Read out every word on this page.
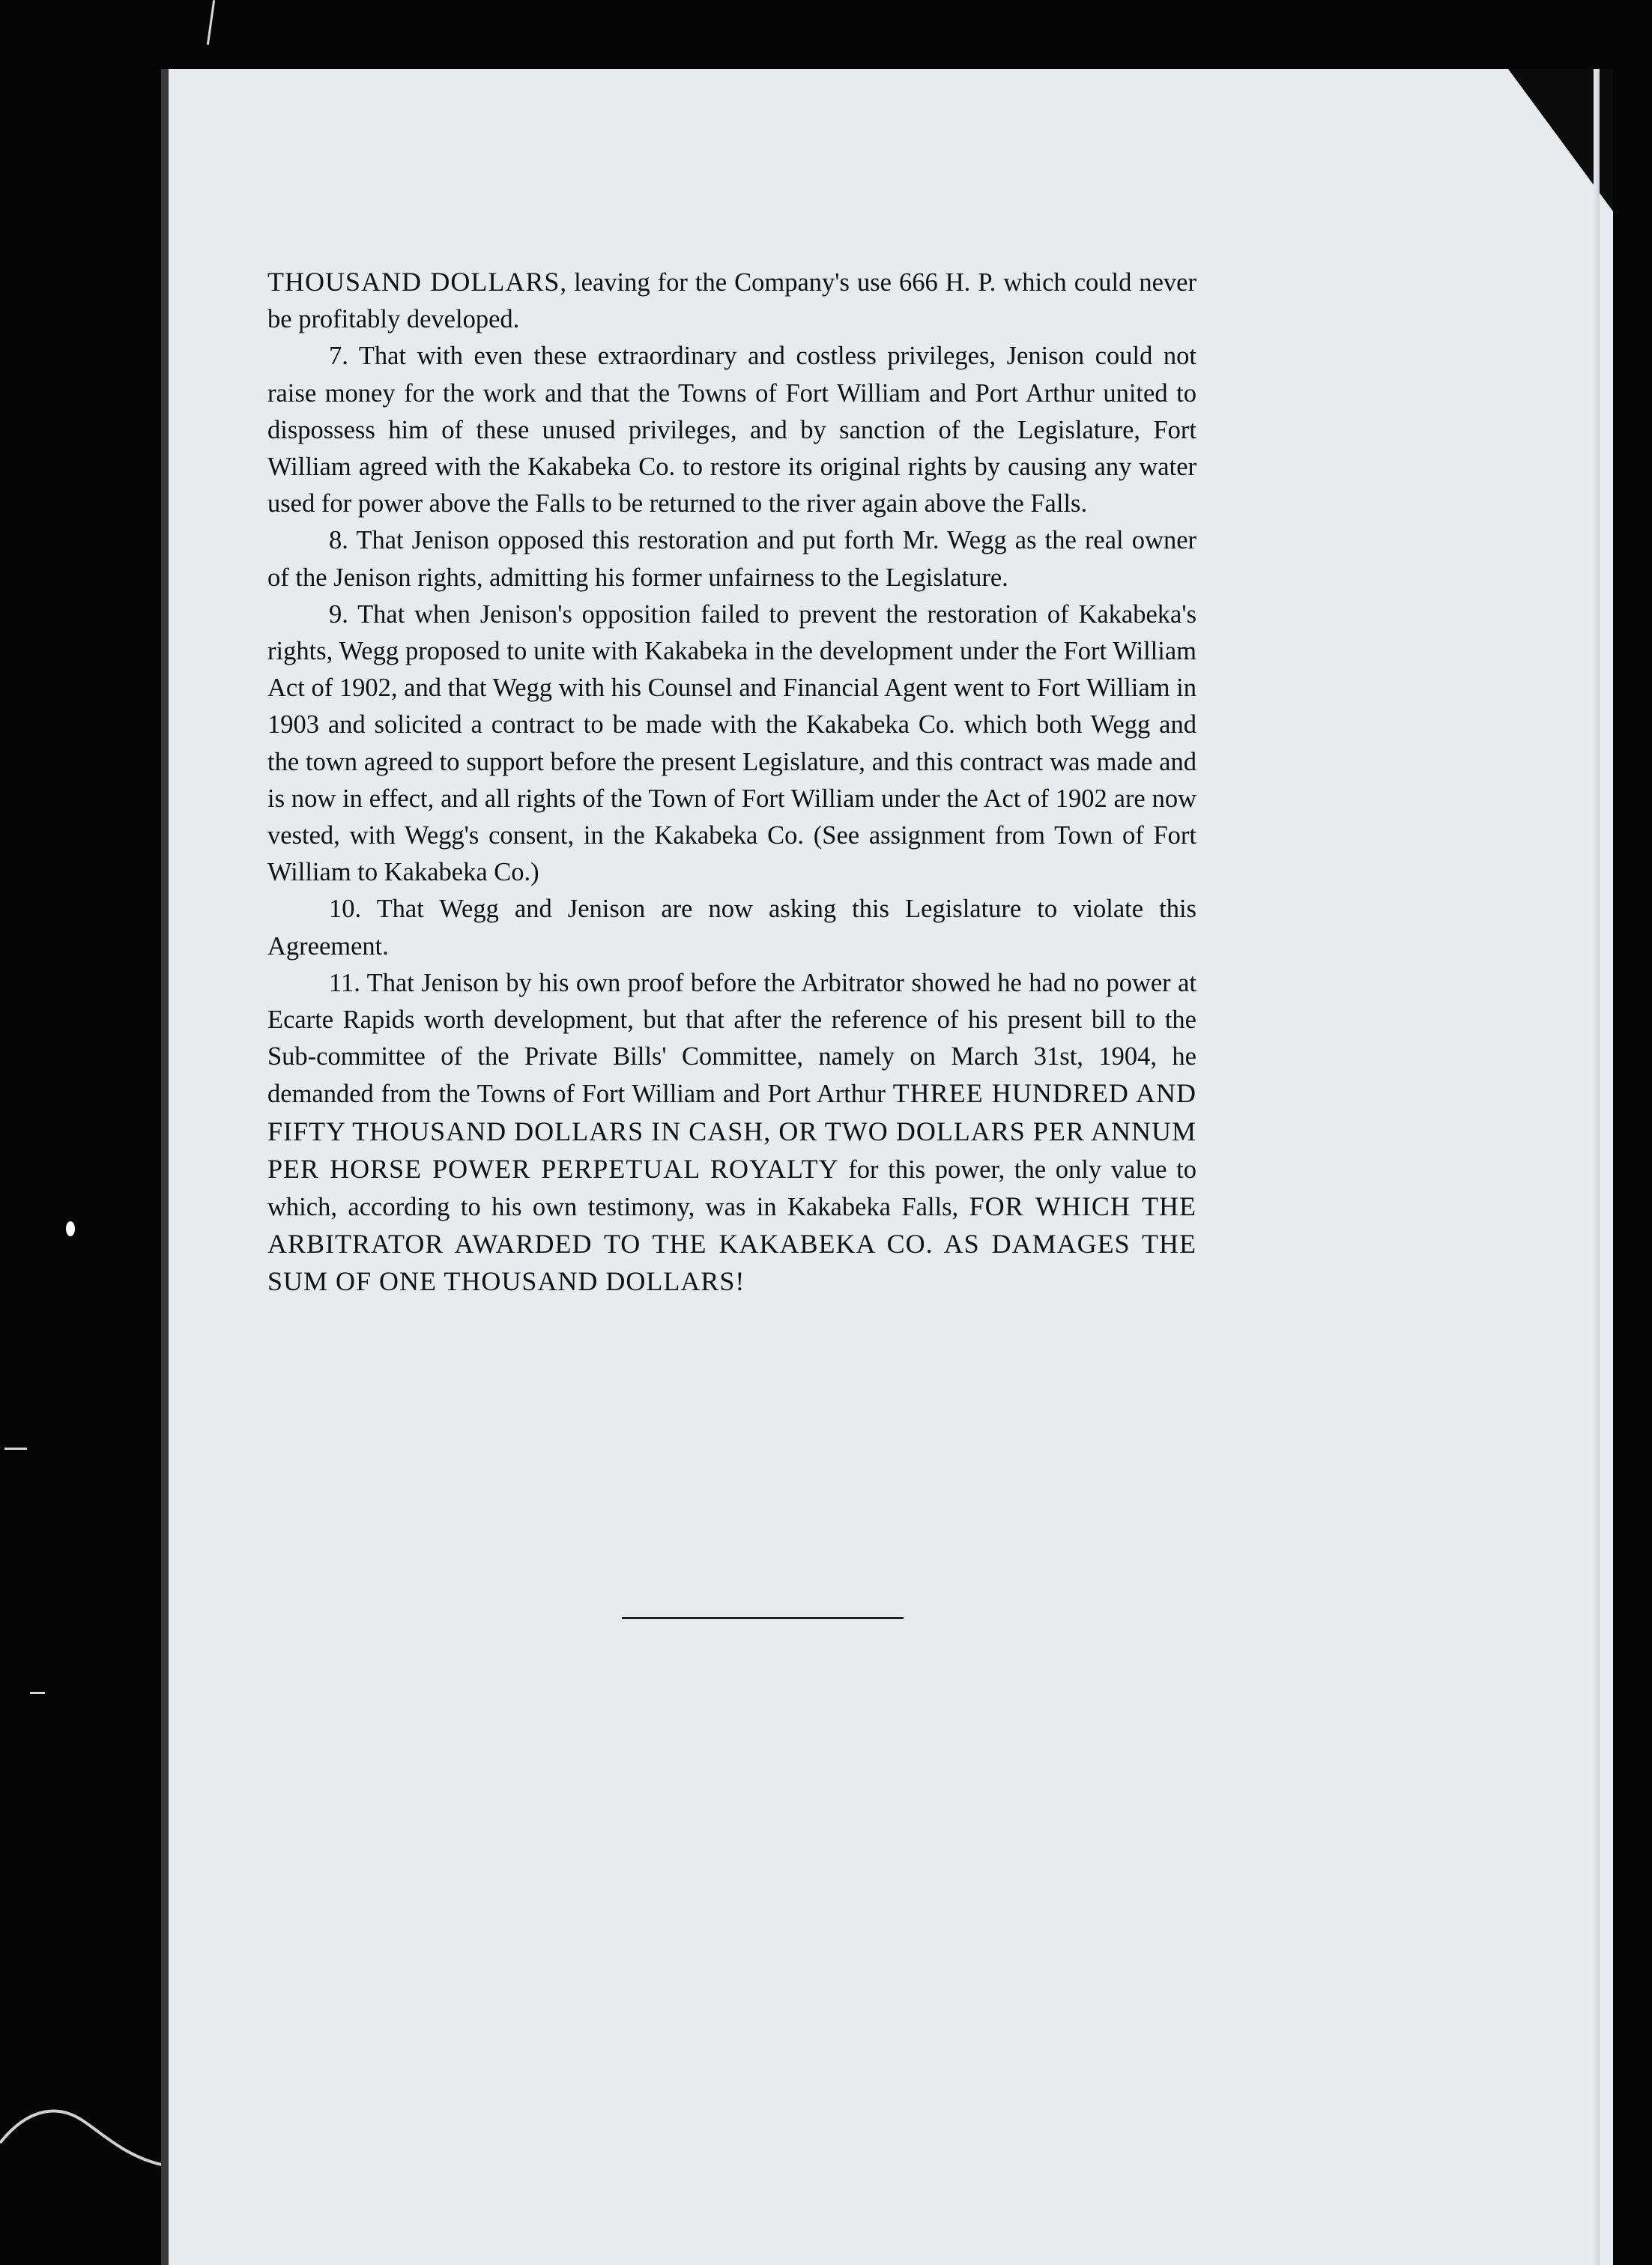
THOUSAND DOLLARS, leaving for the Company's use 666 H. P. which could never be profitably developed.

7. That with even these extraordinary and costless privileges, Jenison could not raise money for the work and that the Towns of Fort William and Port Arthur united to dispossess him of these unused privileges, and by sanction of the Legislature, Fort William agreed with the Kakabeka Co. to restore its original rights by causing any water used for power above the Falls to be returned to the river again above the Falls.

8. That Jenison opposed this restoration and put forth Mr. Wegg as the real owner of the Jenison rights, admitting his former unfairness to the Legislature.

9. That when Jenison's opposition failed to prevent the restoration of Kakabeka's rights, Wegg proposed to unite with Kakabeka in the development under the Fort William Act of 1902, and that Wegg with his Counsel and Financial Agent went to Fort William in 1903 and solicited a contract to be made with the Kakabeka Co. which both Wegg and the town agreed to support before the present Legislature, and this contract was made and is now in effect, and all rights of the Town of Fort William under the Act of 1902 are now vested, with Wegg's consent, in the Kakabeka Co. (See assignment from Town of Fort William to Kakabeka Co.)

10. That Wegg and Jenison are now asking this Legislature to violate this Agreement.

11. That Jenison by his own proof before the Arbitrator showed he had no power at Ecarte Rapids worth development, but that after the reference of his present bill to the Sub-committee of the Private Bills' Committee, namely on March 31st, 1904, he demanded from the Towns of Fort William and Port Arthur THREE HUNDRED AND FIFTY THOUSAND DOLLARS IN CASH, OR TWO DOLLARS PER ANNUM PER HORSE POWER PERPETUAL ROYALTY for this power, the only value to which, according to his own testimony, was in Kakabeka Falls, FOR WHICH THE ARBITRATOR AWARDED TO THE KAKABEKA CO. AS DAMAGES THE SUM OF ONE THOUSAND DOLLARS!
